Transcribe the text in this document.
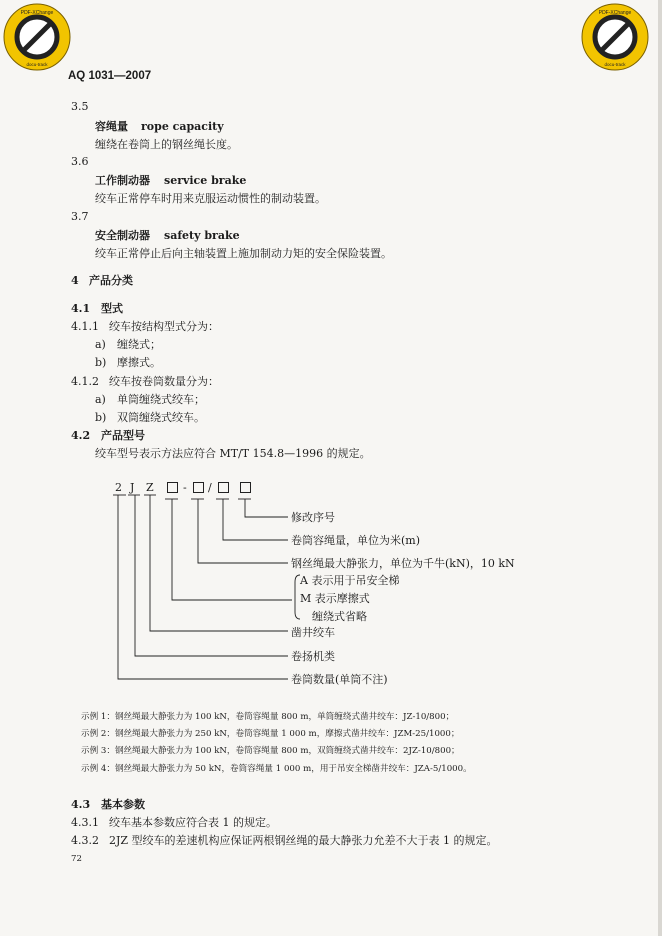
PDF-XChange
docu-track
PDF-XChange
docu-track
AQ 1031—2007
3.5
容绳量 rope capacity
缠绕在卷筒上的钢丝绳长度。
3.6
工作制动器 service brake
绞车正常停车时用来克服运动惯性的制动装置。
3.7
安全制动器 safety brake
绞车正常停止后向主轴装置上施加制动力矩的安全保险装置。
4 产品分类
4.1 型式
4.1.1 绞车按结构型式分为：
a) 缠绕式；
b) 摩擦式。
4.1.2 绞车按卷筒数量分为：
a) 单筒缠绕式绞车；
b) 双筒缠绕式绞车。
4.2 产品型号
绞车型号表示方法应符合 MT/T 154.8—1996 的规定。
2 J Z	- /
修改序号
卷筒容绳量，单位为米(m)
钢丝绳最大静张力，单位为千牛(kN)，10 kN
A 表示用于吊安全梯
M 表示摩擦式
缠绕式省略
凿井绞车
卷扬机类
卷筒数量(单筒不注)
示例 1：钢丝绳最大静张力为 100 kN，卷筒容绳量 800 m，单筒缠绕式凿井绞车：JZ-10/800；
示例 2：钢丝绳最大静张力为 250 kN，卷筒容绳量 1 000 m，摩擦式凿井绞车：JZM-25/1000；
示例 3：钢丝绳最大静张力为 100 kN，卷筒容绳量 800 m，双筒缠绕式凿井绞车：2JZ-10/800；
示例 4：钢丝绳最大静张力为 50 kN，卷筒容绳量 1 000 m，用于吊安全梯凿井绞车：JZA-5/1000。
4.3 基本参数
4.3.1 绞车基本参数应符合表 1 的规定。
4.3.2 2JZ 型绞车的差速机构应保证两根钢丝绳的最大静张力允差不大于表 1 的规定。
72
